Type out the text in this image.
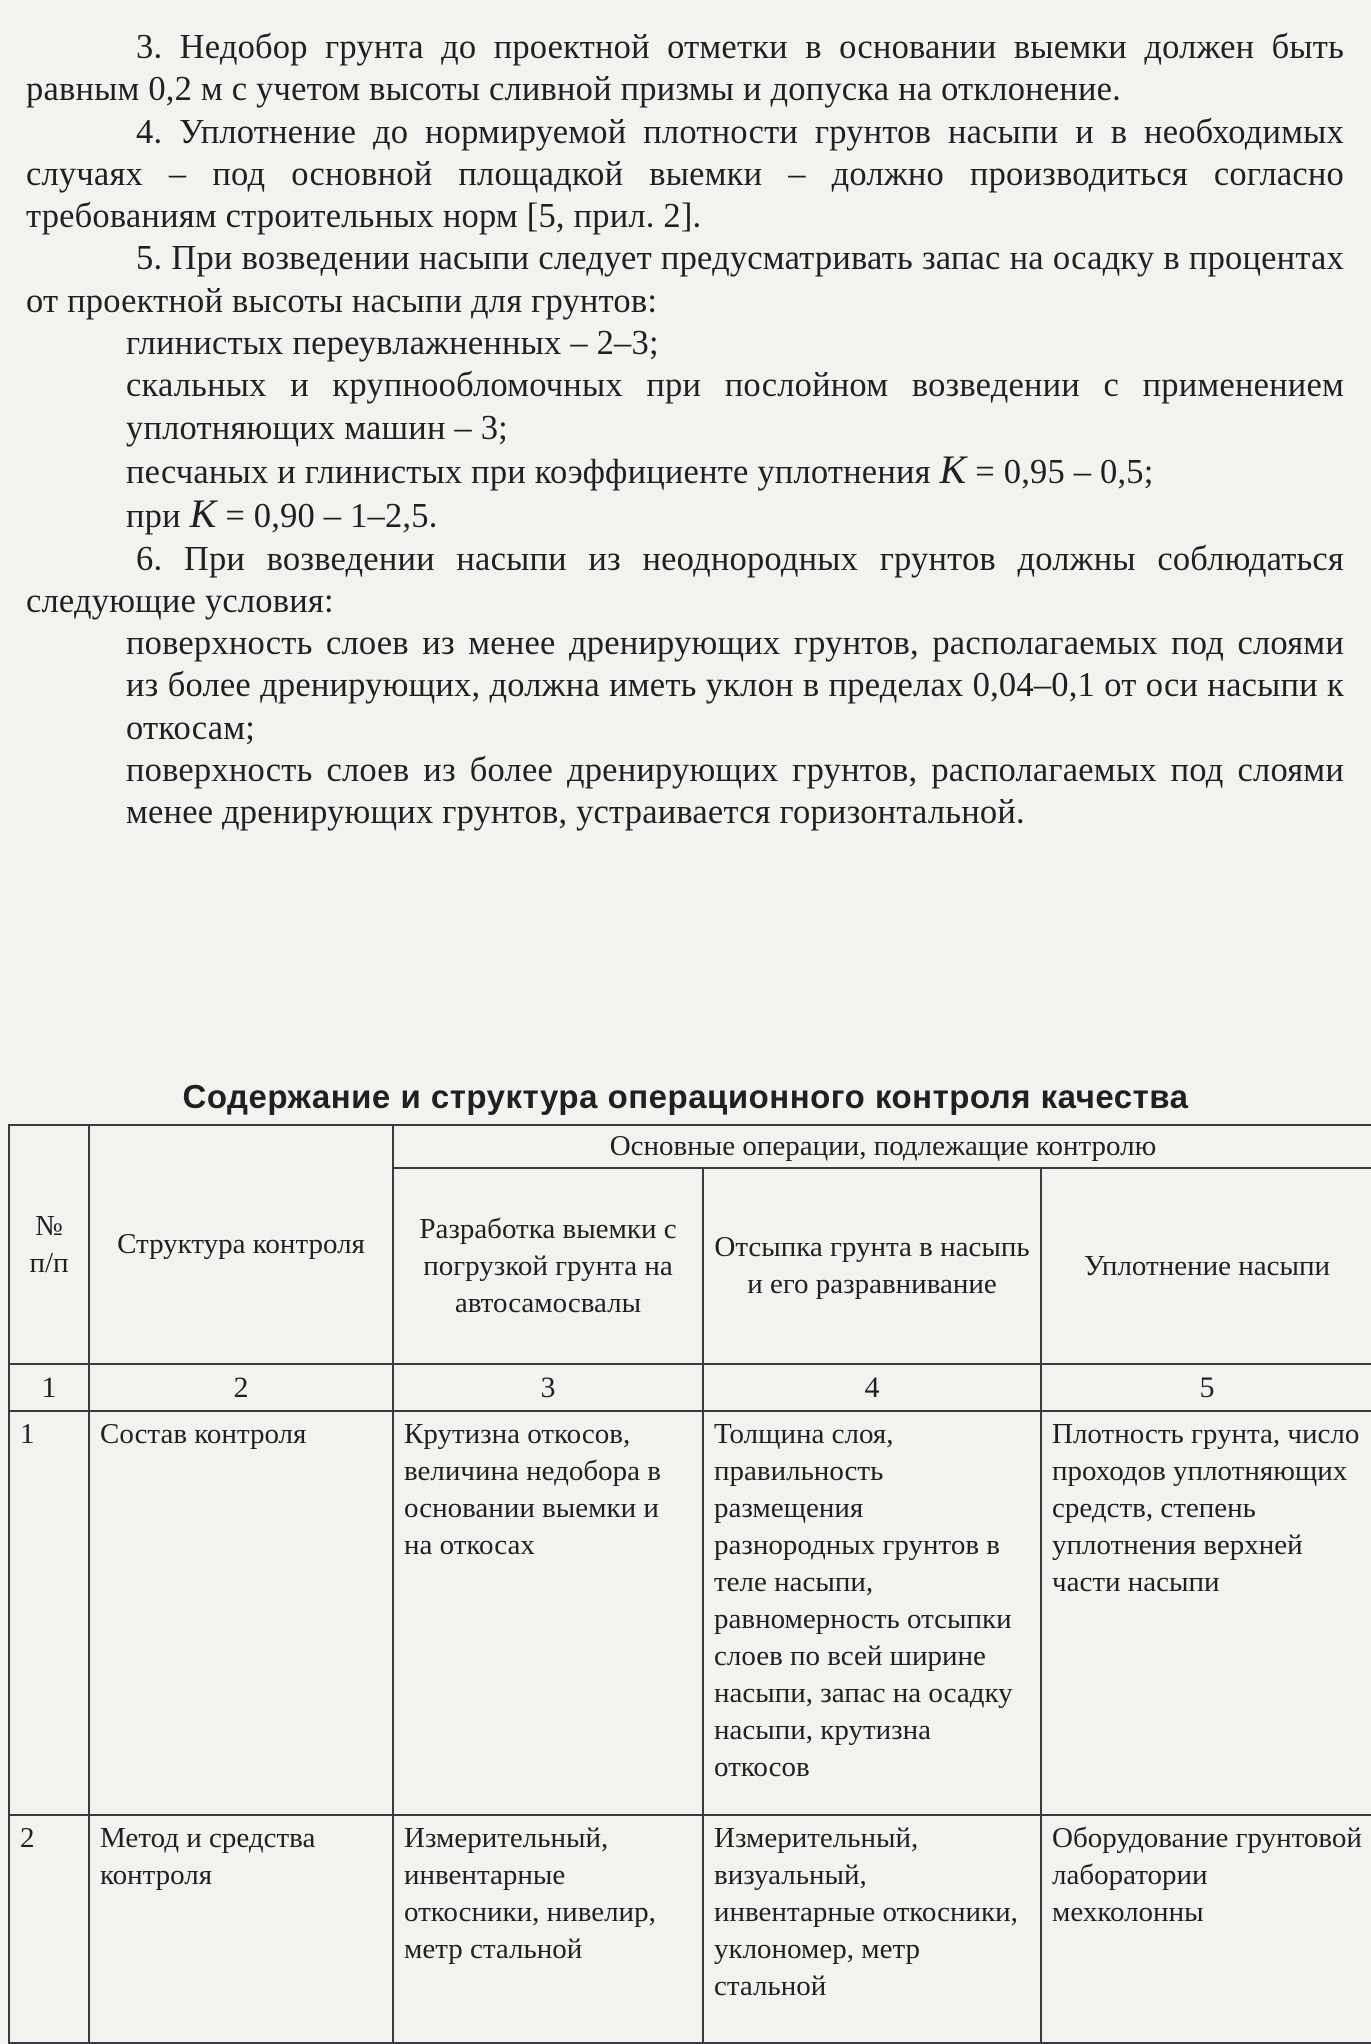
3. Недобор грунта до проектной отметки в основании выемки должен быть равным 0,2 м с учетом высоты сливной призмы и допуска на отклонение.

4. Уплотнение до нормируемой плотности грунтов насыпи и в необходимых случаях – под основной площадкой выемки – должно производиться согласно требованиям строительных норм [5, прил. 2].

5. При возведении насыпи следует предусматривать запас на осадку в процентах от проектной высоты насыпи для грунтов:

глинистых переувлажненных – 2–3;

скальных и крупнообломочных при послойном возведении с применением уплотняющих машин – 3;

песчаных и глинистых при коэффициенте уплотнения K = 0,95 – 0,5;

при K = 0,90 – 1–2,5.

6. При возведении насыпи из неоднородных грунтов должны соблюдаться следующие условия:

поверхность слоев из менее дренирующих грунтов, располагаемых под слоями из более дренирующих, должна иметь уклон в пределах 0,04–0,1 от оси насыпи к откосам;

поверхность слоев из более дренирующих грунтов, располагаемых под слоями менее дренирующих грунтов, устраивается горизонтальной.

Содержание и структура операционного контроля качества
№ п/п	Структура контроля	Основные операции, подлежащие контролю		
		Разработка выемки с погрузкой грунта на автосамосвалы	Отсыпка грунта в насыпь и его разравнивание	Уплотнение насыпи
1	2	3	4	5
1	Состав контроля	Крутизна откосов, величина недобора в основании выемки и на откосах	Толщина слоя, правильность размещения разнородных грунтов в теле насыпи, равномерность отсыпки слоев по всей ширине насыпи, запас на осадку насыпи, крутизна откосов	Плотность грунта, число проходов уплотняющих средств, степень уплотнения верхней части насыпи
2	Метод и средства контроля	Измерительный, инвентарные откосники, нивелир, метр стальной	Измерительный, визуальный, инвентарные откосники, уклономер, метр стальной	Оборудование грунтовой лаборатории мехколонны
